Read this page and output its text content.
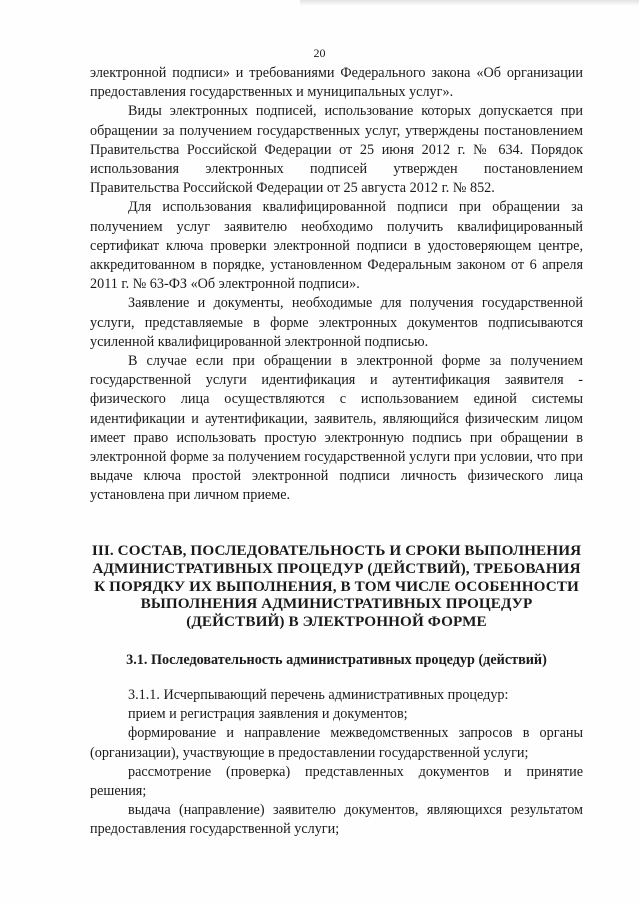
20

электронной подписи» и требованиями Федерального закона «Об организации предоставления государственных и муниципальных услуг».

Виды электронных подписей, использование которых допускается при обращении за получением государственных услуг, утверждены постановлением Правительства Российской Федерации от 25 июня 2012 г. № 634. Порядок использования электронных подписей утвержден постановлением Правительства Российской Федерации от 25 августа 2012 г. № 852.

Для использования квалифицированной подписи при обращении за получением услуг заявителю необходимо получить квалифицированный сертификат ключа проверки электронной подписи в удостоверяющем центре, аккредитованном в порядке, установленном Федеральным законом от 6 апреля 2011 г. № 63-ФЗ «Об электронной подписи».

Заявление и документы, необходимые для получения государственной услуги, представляемые в форме электронных документов подписываются усиленной квалифицированной электронной подписью.

В случае если при обращении в электронной форме за получением государственной услуги идентификация и аутентификация заявителя - физического лица осуществляются с использованием единой системы идентификации и аутентификации, заявитель, являющийся физическим лицом имеет право использовать простую электронную подпись при обращении в электронной форме за получением государственной услуги при условии, что при выдаче ключа простой электронной подписи личность физического лица установлена при личном приеме.

III. СОСТАВ, ПОСЛЕДОВАТЕЛЬНОСТЬ И СРОКИ ВЫПОЛНЕНИЯ АДМИНИСТРАТИВНЫХ ПРОЦЕДУР (ДЕЙСТВИЙ), ТРЕБОВАНИЯ К ПОРЯДКУ ИХ ВЫПОЛНЕНИЯ, В ТОМ ЧИСЛЕ ОСОБЕННОСТИ ВЫПОЛНЕНИЯ АДМИНИСТРАТИВНЫХ ПРОЦЕДУР (ДЕЙСТВИЙ) В ЭЛЕКТРОННОЙ ФОРМЕ
3.1. Последовательность административных процедур (действий)

3.1.1. Исчерпывающий перечень административных процедур:

прием и регистрация заявления и документов;

формирование и направление межведомственных запросов в органы (организации), участвующие в предоставлении государственной услуги;

рассмотрение (проверка) представленных документов и принятие решения;

выдача (направление) заявителю документов, являющихся результатом предоставления государственной услуги;
